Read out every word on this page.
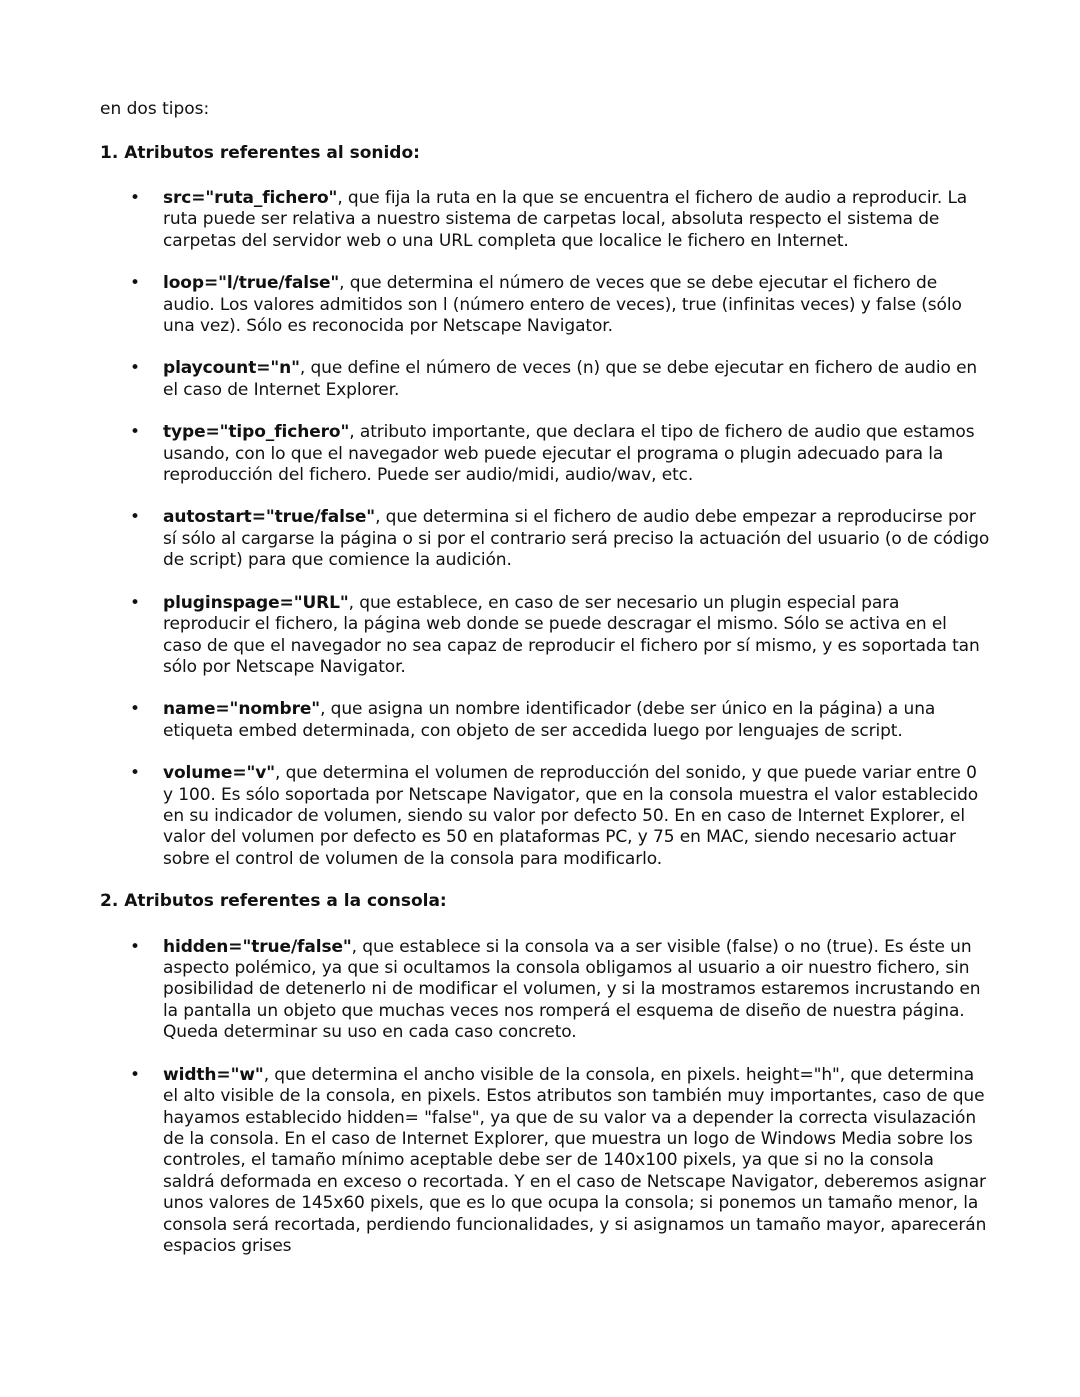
en dos tipos:

1. Atributos referentes al sonido:
• src="ruta_fichero", que fija la ruta en la que se encuentra el fichero de audio a reproducir. La ruta puede ser relativa a nuestro sistema de carpetas local, absoluta respecto el sistema de carpetas del servidor web o una URL completa que localice le fichero en Internet.
• loop="l/true/false", que determina el número de veces que se debe ejecutar el fichero de audio. Los valores admitidos son l (número entero de veces), true (infinitas veces) y false (sólo una vez). Sólo es reconocida por Netscape Navigator.
• playcount="n", que define el número de veces (n) que se debe ejecutar en fichero de audio en el caso de Internet Explorer.
• type="tipo_fichero", atributo importante, que declara el tipo de fichero de audio que estamos usando, con lo que el navegador web puede ejecutar el programa o plugin adecuado para la reproducción del fichero. Puede ser audio/midi, audio/wav, etc.
• autostart="true/false", que determina si el fichero de audio debe empezar a reproducirse por sí sólo al cargarse la página o si por el contrario será preciso la actuación del usuario (o de código de script) para que comience la audición.
• pluginspage="URL", que establece, en caso de ser necesario un plugin especial para reproducir el fichero, la página web donde se puede descragar el mismo. Sólo se activa en el caso de que el navegador no sea capaz de reproducir el fichero por sí mismo, y es soportada tan sólo por Netscape Navigator.
• name="nombre", que asigna un nombre identificador (debe ser único en la página) a una etiqueta embed determinada, con objeto de ser accedida luego por lenguajes de script.
• volume="v", que determina el volumen de reproducción del sonido, y que puede variar entre 0 y 100. Es sólo soportada por Netscape Navigator, que en la consola muestra el valor establecido en su indicador de volumen, siendo su valor por defecto 50. En en caso de Internet Explorer, el valor del volumen por defecto es 50 en plataformas PC, y 75 en MAC, siendo necesario actuar sobre el control de volumen de la consola para modificarlo.
2. Atributos referentes a la consola:
• hidden="true/false", que establece si la consola va a ser visible (false) o no (true). Es éste un aspecto polémico, ya que si ocultamos la consola obligamos al usuario a oir nuestro fichero, sin posibilidad de detenerlo ni de modificar el volumen, y si la mostramos estaremos incrustando en la pantalla un objeto que muchas veces nos romperá el esquema de diseño de nuestra página. Queda determinar su uso en cada caso concreto.
• width="w", que determina el ancho visible de la consola, en pixels. height="h", que determina el alto visible de la consola, en pixels. Estos atributos son también muy importantes, caso de que hayamos establecido hidden= "false", ya que de su valor va a depender la correcta visulazación de la consola. En el caso de Internet Explorer, que muestra un logo de Windows Media sobre los controles, el tamaño mínimo aceptable debe ser de 140x100 pixels, ya que si no la consola saldrá deformada en exceso o recortada. Y en el caso de Netscape Navigator, deberemos asignar unos valores de 145x60 pixels, que es lo que ocupa la consola; si ponemos un tamaño menor, la consola será recortada, perdiendo funcionalidades, y si asignamos un tamaño mayor, aparecerán espacios grises
